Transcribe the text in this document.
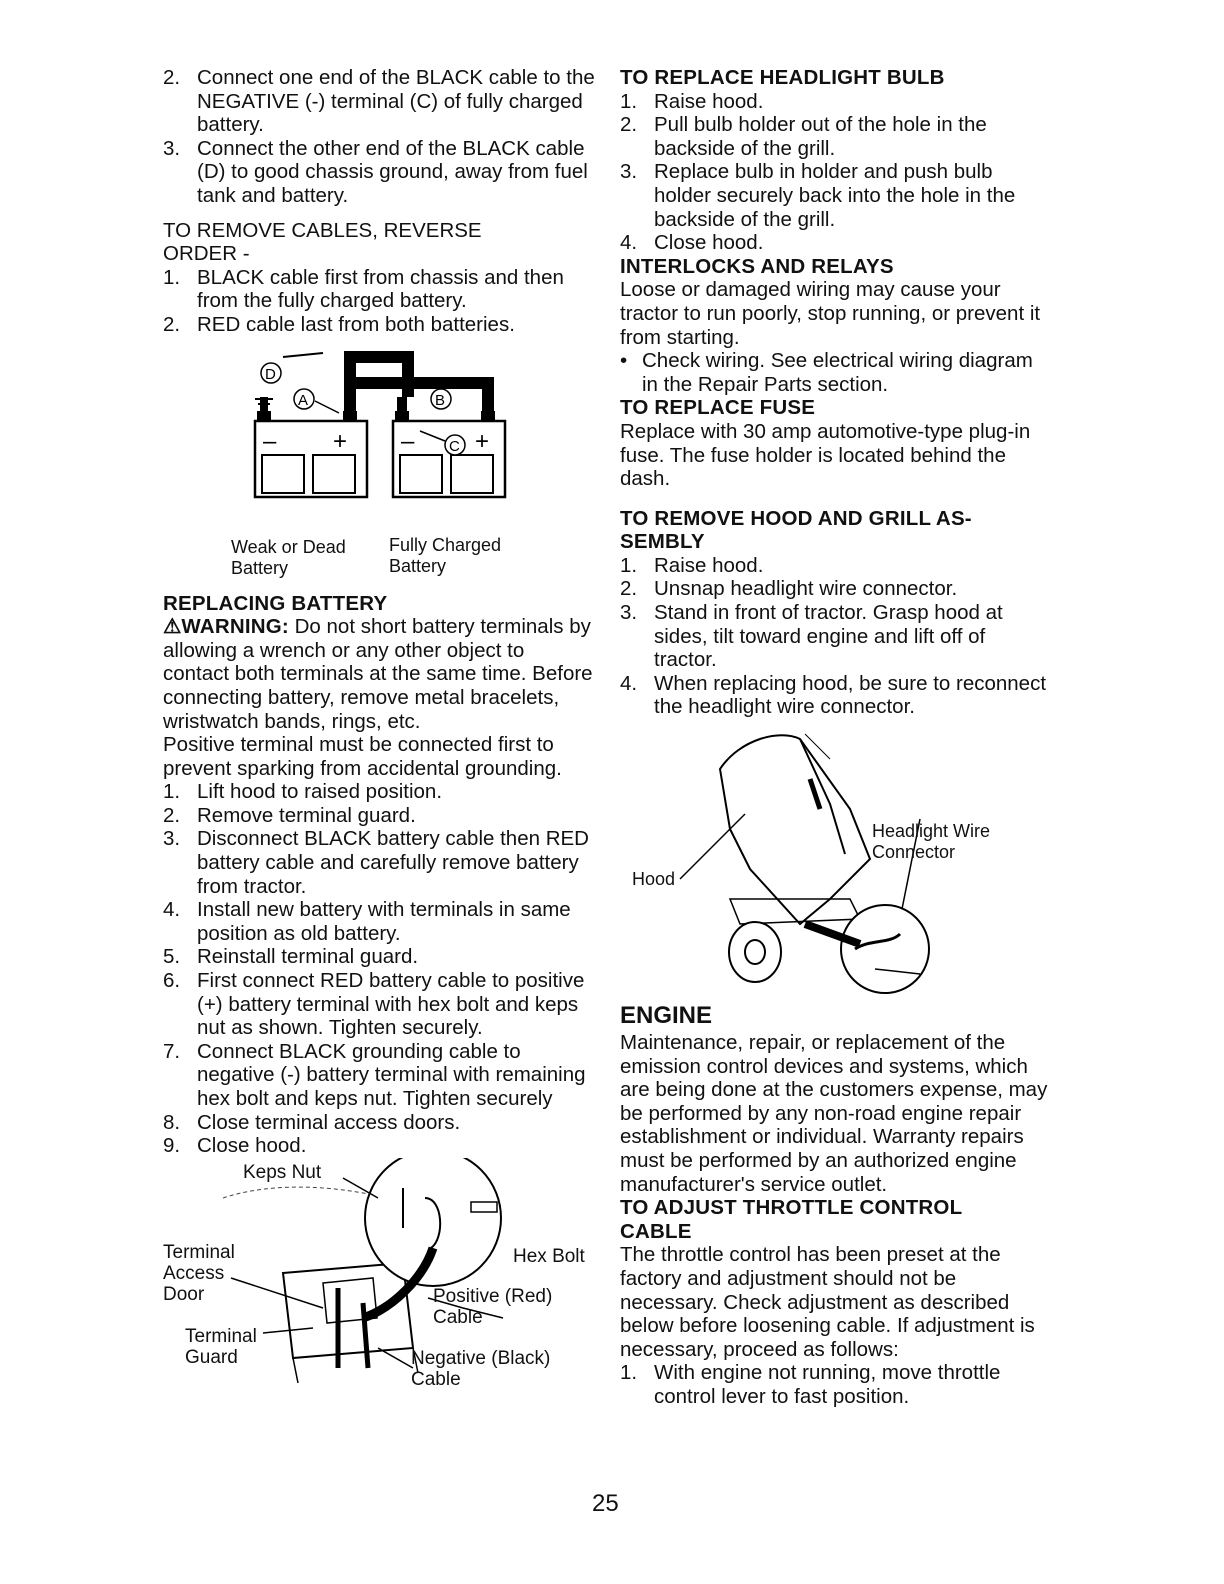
2. Connect one end of the BLACK cable to the NEGATIVE (-) terminal (C) of fully charged battery.
3. Connect the other end of the BLACK cable (D) to good chassis ground, away from fuel tank and battery.

TO REMOVE CABLES, REVERSE ORDER -

1. BLACK cable first from chassis and then from the fully charged battery.
2. RED cable last from both batteries.
– + –	+
D
A	B
C
Weak or Dead
Battery
Fully Charged
Battery

REPLACING BATTERY

⚠WARNING: Do not short battery terminals by allowing a wrench or any other object to contact both terminals at the same time. Before connecting battery, remove metal bracelets, wristwatch bands, rings, etc.

Positive terminal must be connected first to prevent sparking from accidental grounding.

1. Lift hood to raised position.
2. Remove terminal guard.
3. Disconnect BLACK battery cable then RED battery cable and carefully remove battery from tractor.
4. Install new battery with terminals in same position as old battery.
5. Reinstall terminal guard.
6. First connect RED battery cable to positive (+) battery terminal with hex bolt and keps nut as shown. Tighten securely.
7. Connect BLACK grounding cable to negative (-) battery terminal with remaining hex bolt and keps nut. Tighten securely
8. Close terminal access doors.
9. Close hood.
Keps Nut
Terminal
Access
Door
Hex Bolt
Positive (Red)
Cable
Terminal
Guard	Negative (Black)
Cable

TO REPLACE HEADLIGHT BULB

1. Raise hood.
2. Pull bulb holder out of the hole in the backside of the grill.
3. Replace bulb in holder and push bulb holder securely back into the hole in the backside of the grill.
4. Close hood.

INTERLOCKS AND RELAYS

Loose or damaged wiring may cause your tractor to run poorly, stop running, or prevent it from starting.

• Check wiring. See electrical wiring diagram in the Repair Parts section.

TO REPLACE FUSE

Replace with 30 amp automotive-type plug-in fuse. The fuse holder is located behind the dash.

TO REMOVE HOOD AND GRILL AS-
SEMBLY

1. Raise hood.
2. Unsnap headlight wire connector.
3. Stand in front of tractor. Grasp hood at sides, tilt toward engine and lift off of tractor.
4. When replacing hood, be sure to reconnect the headlight wire connector.
Hood
Headlight Wire
Connector

ENGINE

Maintenance, repair, or replacement of the emission control devices and systems, which are being done at the customers expense, may be performed by any non-road engine repair establishment or individual. Warranty repairs must be performed by an authorized engine manufacturer's service outlet.

TO ADJUST THROTTLE CONTROL
CABLE

The throttle control has been preset at the factory and adjustment should not be necessary. Check adjustment as described below before loosening cable. If adjustment is necessary, proceed as follows:

1. With engine not running, move throttle control lever to fast position.
25
